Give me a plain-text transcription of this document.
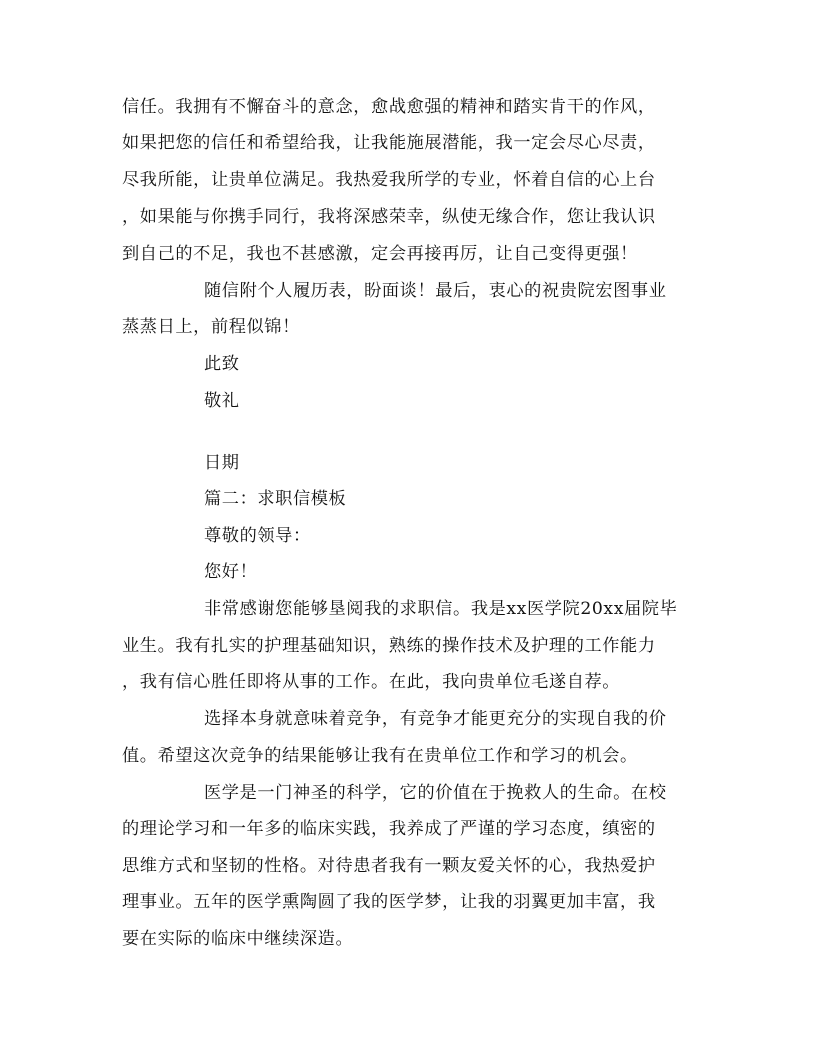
信任。我拥有不懈奋斗的意念，愈战愈强的精神和踏实肯干的作风，
如果把您的信任和希望给我，让我能施展潜能，我一定会尽心尽责，
尽我所能，让贵单位满足。我热爱我所学的专业，怀着自信的心上台
，如果能与你携手同行，我将深感荣幸，纵使无缘合作，您让我认识
到自己的不足，我也不甚感激，定会再接再厉，让自己变得更强！
随信附个人履历表，盼面谈！最后，衷心的祝贵院宏图事业
蒸蒸日上，前程似锦！
此致
敬礼
日期
篇二：求职信模板
尊敬的领导：
您好！
非常感谢您能够垦阅我的求职信。我是xx医学院20xx届院毕
业生。我有扎实的护理基础知识，熟练的操作技术及护理的工作能力
，我有信心胜任即将从事的工作。在此，我向贵单位毛遂自荐。
选择本身就意味着竞争，有竞争才能更充分的实现自我的价
值。希望这次竞争的结果能够让我有在贵单位工作和学习的机会。
医学是一门神圣的科学，它的价值在于挽救人的生命。在校
的理论学习和一年多的临床实践，我养成了严谨的学习态度，缜密的
思维方式和坚韧的性格。对待患者我有一颗友爱关怀的心，我热爱护
理事业。五年的医学熏陶圆了我的医学梦，让我的羽翼更加丰富，我
要在实际的临床中继续深造。
